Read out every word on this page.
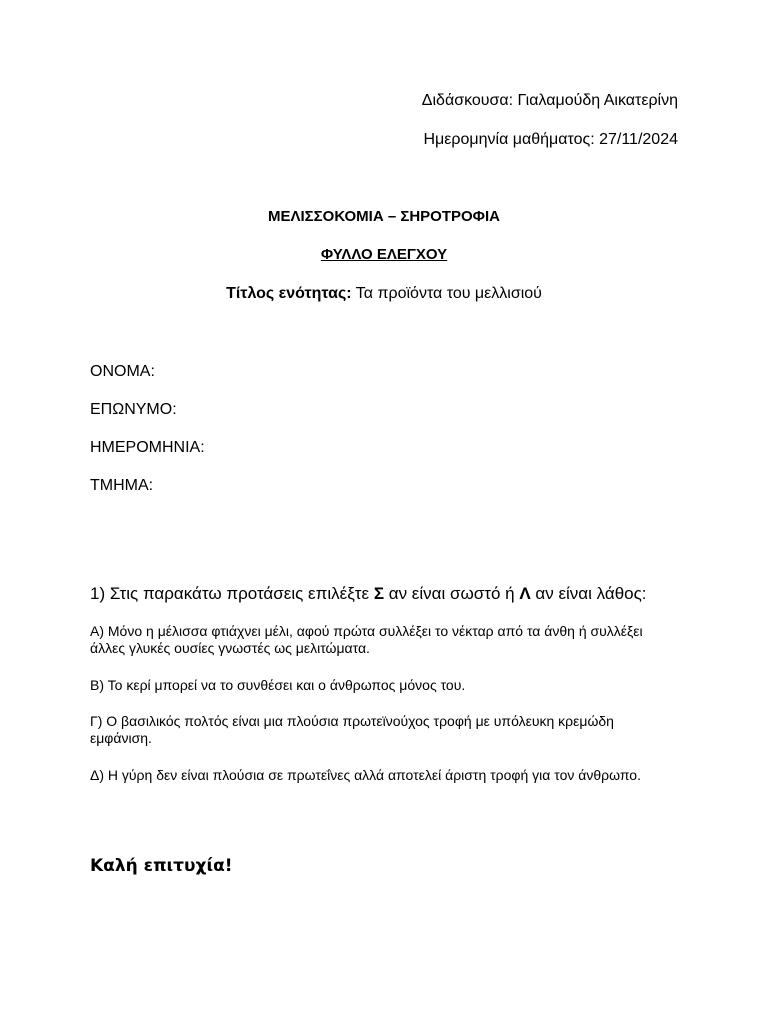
Διδάσκουσα: Γιαλαμούδη Αικατερίνη
Ημερομηνία μαθήματος: 27/11/2024
ΜΕΛΙΣΣΟΚΟΜΙΑ – ΣΗΡΟΤΡΟΦΙΑ
ΦΥΛΛΟ ΕΛΕΓΧΟΥ
Τίτλος ενότητας: Τα προϊόντα του μελλισιού
ΟΝΟΜΑ:
ΕΠΩΝΥΜΟ:
ΗΜΕΡΟΜΗΝΙΑ:
ΤΜΗΜΑ:
1) Στις παρακάτω προτάσεις επιλέξτε Σ αν είναι σωστό ή Λ αν είναι λάθος:
Α) Μόνο η μέλισσα φτιάχνει μέλι, αφού πρώτα συλλέξει το νέκταρ από τα άνθη ή συλλέξει άλλες γλυκές ουσίες γνωστές ως μελιτώματα.
Β) Το κερί μπορεί να το συνθέσει και ο άνθρωπος μόνος του.
Γ) Ο βασιλικός πολτός είναι μια πλούσια πρωτεϊνούχος τροφή με υπόλευκη κρεμώδη εμφάνιση.
Δ) Η γύρη δεν είναι πλούσια σε πρωτεΐνες αλλά αποτελεί άριστη τροφή για τον άνθρωπο.
Καλή επιτυχία!
